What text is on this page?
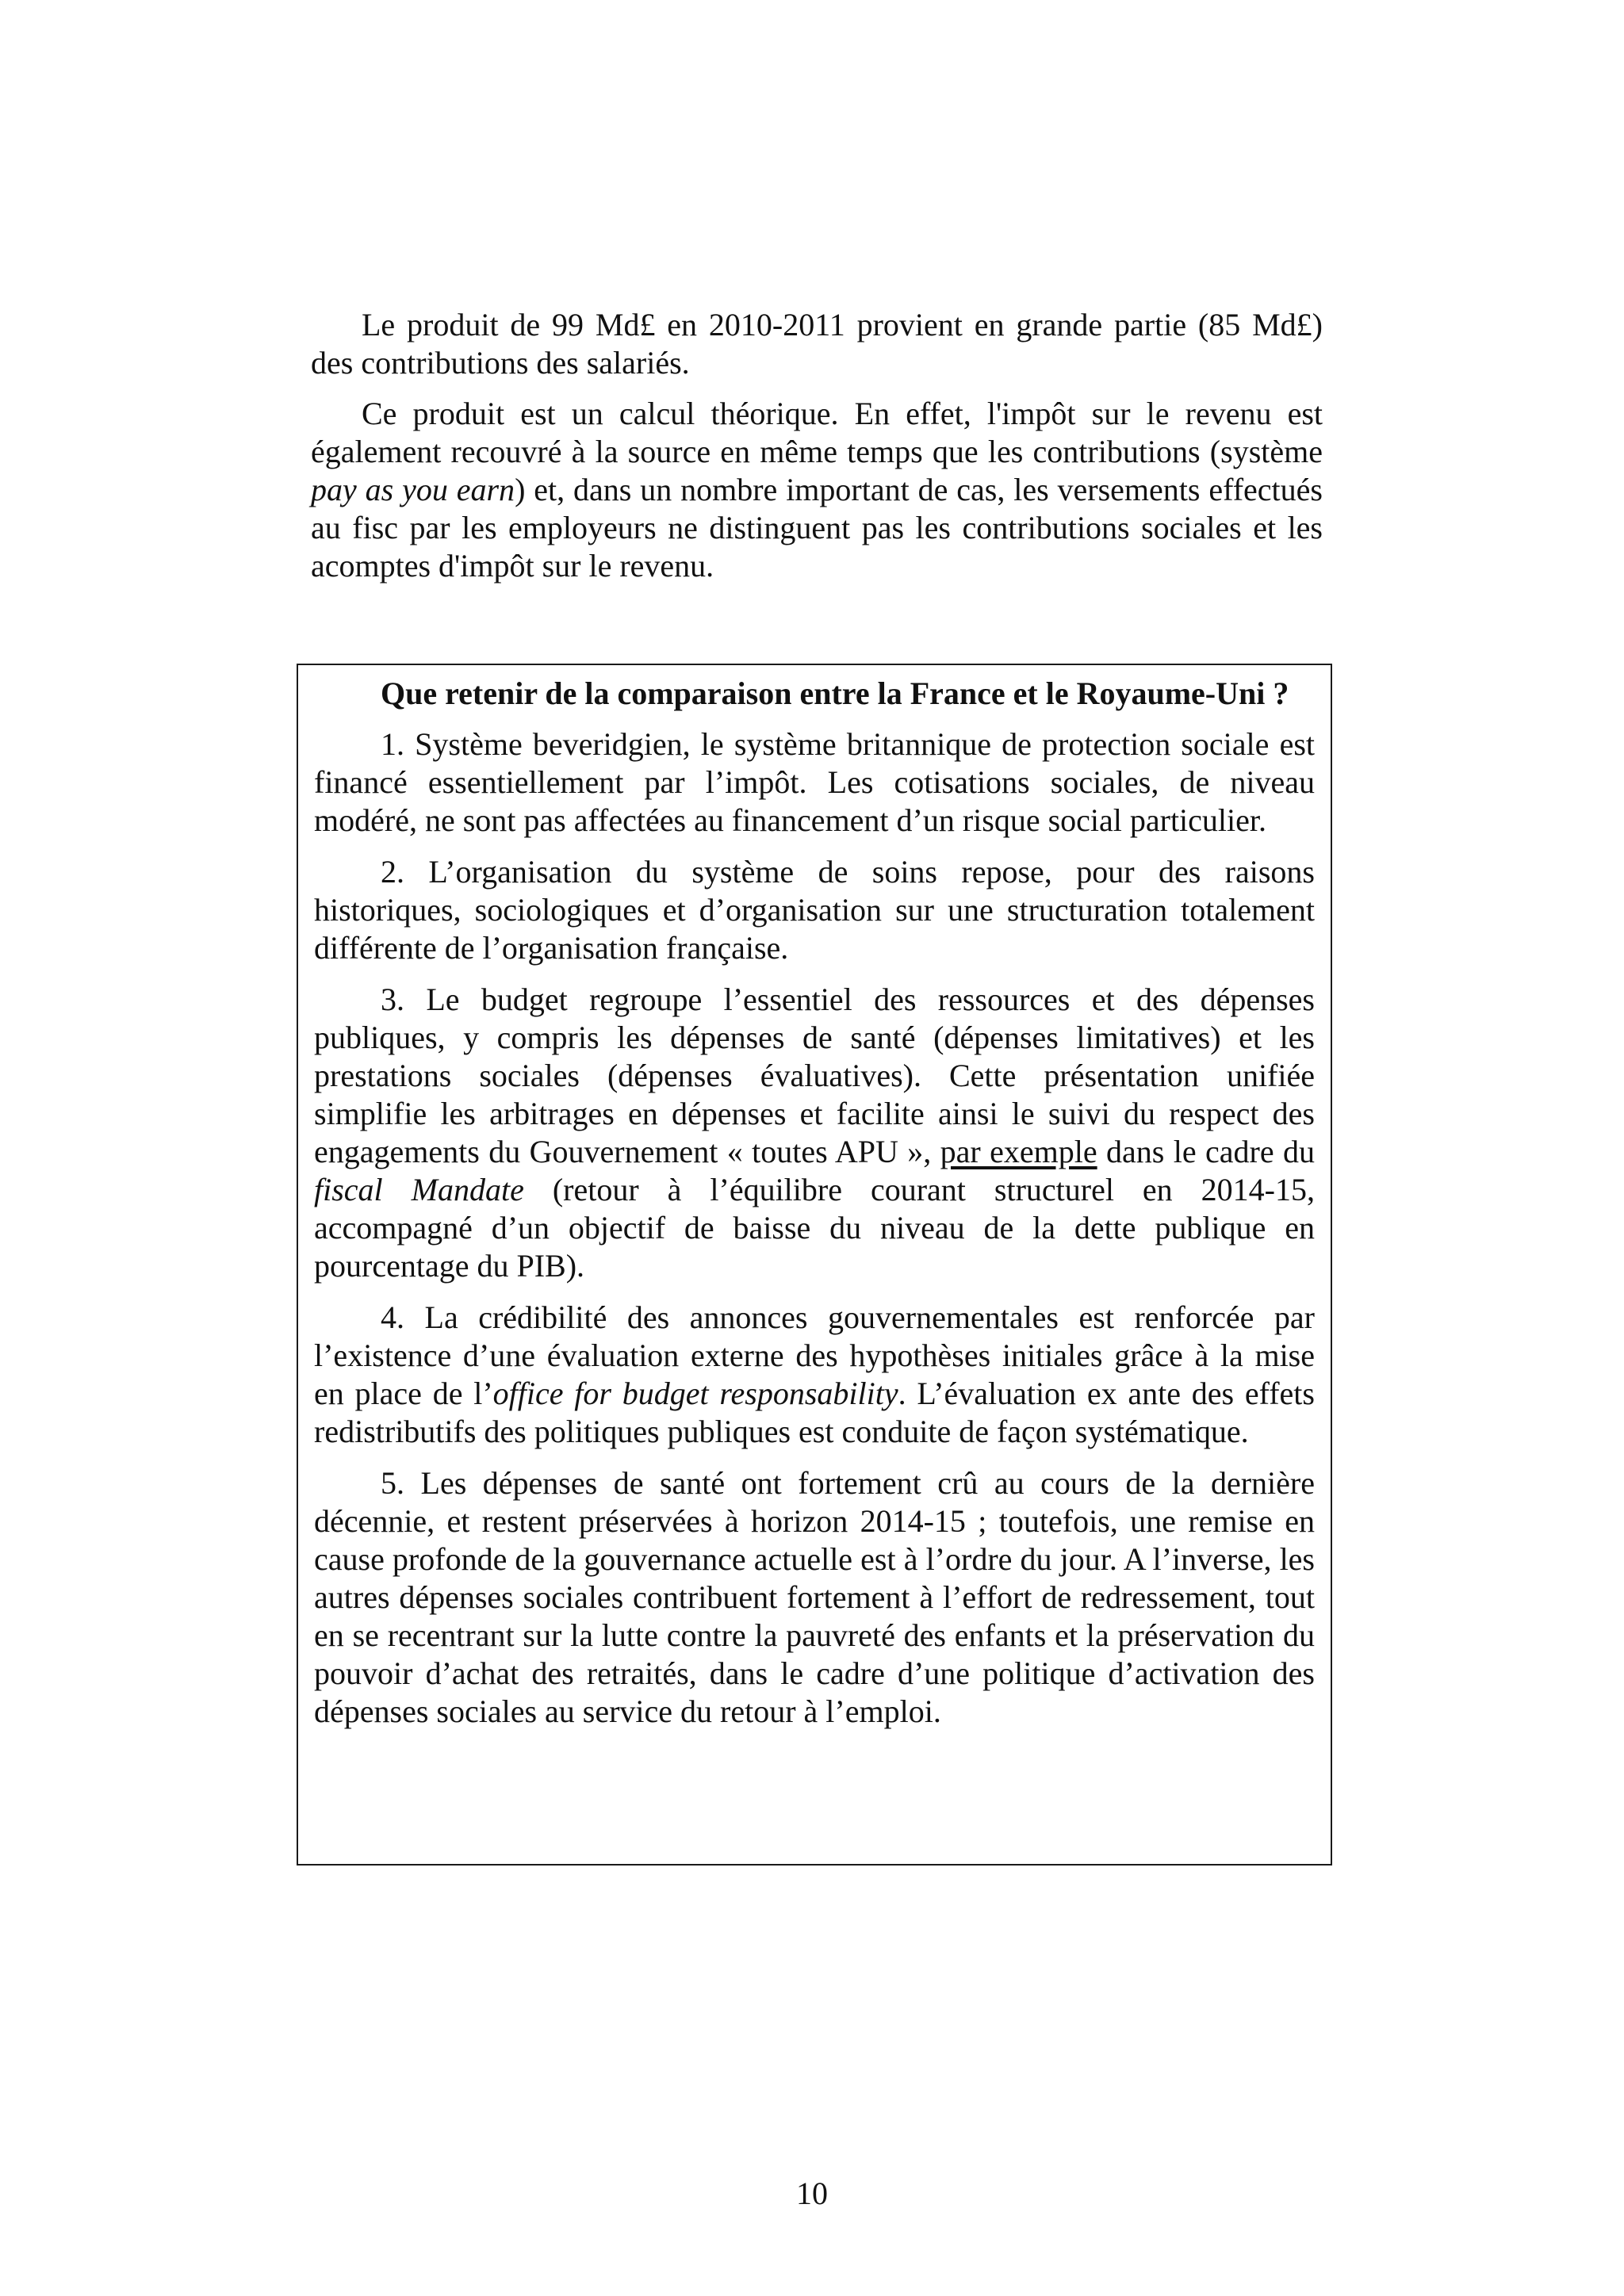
Le produit de 99 Md£ en 2010-2011 provient en grande partie (85 Md£) des contributions des salariés.

Ce produit est un calcul théorique. En effet, l'impôt sur le revenu est également recouvré à la source en même temps que les contributions (système pay as you earn) et, dans un nombre important de cas, les versements effectués au fisc par les employeurs ne distinguent pas les contributions sociales et les acomptes d'impôt sur le revenu.

Que retenir de la comparaison entre la France et le Royaume-Uni ?

1. Système beveridgien, le système britannique de protection sociale est financé essentiellement par l’impôt. Les cotisations sociales, de niveau modéré, ne sont pas affectées au financement d’un risque social particulier.

2. L’organisation du système de soins repose, pour des raisons historiques, sociologiques et d’organisation sur une structuration totalement différente de l’organisation française.

3. Le budget regroupe l’essentiel des ressources et des dépenses publiques, y compris les dépenses de santé (dépenses limitatives) et les prestations sociales (dépenses évaluatives). Cette présentation unifiée simplifie les arbitrages en dépenses et facilite ainsi le suivi du respect des engagements du Gouvernement « toutes APU », par exemple dans le cadre du fiscal Mandate (retour à l’équilibre courant structurel en 2014-15, accompagné d’un objectif de baisse du niveau de la dette publique en pourcentage du PIB).

4. La crédibilité des annonces gouvernementales est renforcée par l’existence d’une évaluation externe des hypothèses initiales grâce à la mise en place de l’office for budget responsability. L’évaluation ex ante des effets redistributifs des politiques publiques est conduite de façon systématique.

5. Les dépenses de santé ont fortement crû au cours de la dernière décennie, et restent préservées à horizon 2014-15 ; toutefois, une remise en cause profonde de la gouvernance actuelle est à l’ordre du jour. A l’inverse, les autres dépenses sociales contribuent fortement à l’effort de redressement, tout en se recentrant sur la lutte contre la pauvreté des enfants et la préservation du pouvoir d’achat des retraités, dans le cadre d’une politique d’activation des dépenses sociales au service du retour à l’emploi.

10
